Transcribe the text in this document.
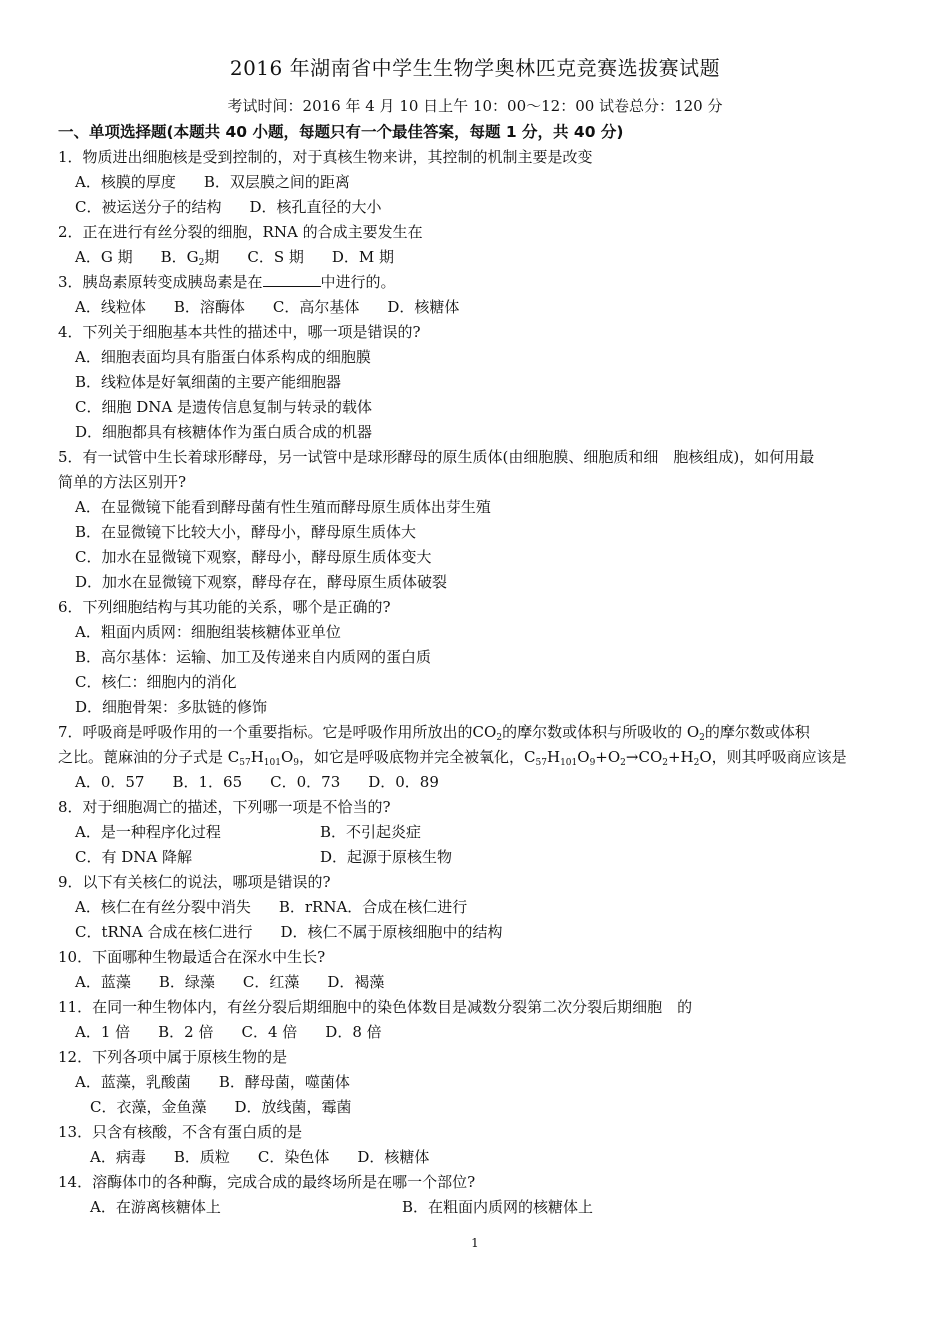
2016 年湖南省中学生生物学奥林匹克竞赛选拔赛试题
考试时间：2016 年 4 月 10 日上午 10：00～12：00 试卷总分：120 分
一、单项选择题(本题共 40 小题，每题只有一个最佳答案，每题 1 分，共 40 分)
1．物质进出细胞核是受到控制的，对于真核生物来讲，其控制的机制主要是改变
A．核膜的厚度 B．双层膜之间的距离
C．被运送分子的结构 D．核孔直径的大小
2．正在进行有丝分裂的细胞，RNA 的合成主要发生在
A．G 期 B．$G_2$期 C．S 期 D．M 期
3．胰岛素原转变成胰岛素是在	中进行的。
A．线粒体 B．溶酶体 C．高尔基体 D．核糖体
4．下列关于细胞基本共性的描述中，哪一项是错误的?
A．细胞表面均具有脂蛋白体系构成的细胞膜
B．线粒体是好氧细菌的主要产能细胞器
C．细胞 DNA 是遗传信息复制与转录的载体
D．细胞都具有核糖体作为蛋白质合成的机器
5．有一试管中生长着球形酵母，另一试管中是球形酵母的原生质体(由细胞膜、细胞质和细　胞核组成)，如何用最
简单的方法区别开?
A．在显微镜下能看到酵母菌有性生殖而酵母原生质体出芽生殖
B．在显微镜下比较大小，酵母小，酵母原生质体大
C．加水在显微镜下观察，酵母小，酵母原生质体变大
D．加水在显微镜下观察，酵母存在，酵母原生质体破裂
6．下列细胞结构与其功能的关系，哪个是正确的?
A．粗面内质网：细胞组装核糖体亚单位
B．高尔基体：运输、加工及传递来自内质网的蛋白质
C．核仁：细胞内的消化
D．细胞骨架：多肽链的修饰
7．呼吸商是呼吸作用的一个重要指标。它是呼吸作用所放出的$CO_2$的摩尔数或体积与所吸收的 $O_2$的摩尔数或体积
之比。蓖麻油的分子式是 $C_{57}H_{101}O_9$，如它是呼吸底物并完全被氧化，$C_{57}H_{101}O_9+O_2\to CO_2+H_2O$，则其呼吸商应该是
A．0．57 B．1．65 C．0．73 D．0．89
8．对于细胞凋亡的描述，下列哪一项是不恰当的?
A．是一种程序化过程	B．不引起炎症
C．有 DNA 降解	D．起源于原核生物
9．以下有关核仁的说法，哪项是错误的?
A．核仁在有丝分裂中消失 B．rRNA．合成在核仁进行
C．tRNA 合成在核仁进行 D．核仁不属于原核细胞中的结构
10．下面哪种生物最适合在深水中生长?
A．蓝藻 B．绿藻 C．红藻 D．褐藻
11．在同一种生物体内，有丝分裂后期细胞中的染色体数目是减数分裂第二次分裂后期细胞　的
A．1 倍 B．2 倍 C．4 倍 D．8 倍
12．下列各项中属于原核生物的是
A．蓝藻，乳酸菌 B．酵母菌，噬菌体
C．衣藻，金鱼藻 D．放线菌，霉菌
13．只含有核酸，不含有蛋白质的是
A．病毒 B．质粒 C．染色体 D．核糖体
14．溶酶体巾的各种酶，完成合成的最终场所是在哪一个部位?
A．在游离核糖体上	B．在粗面内质网的核糖体上
1
